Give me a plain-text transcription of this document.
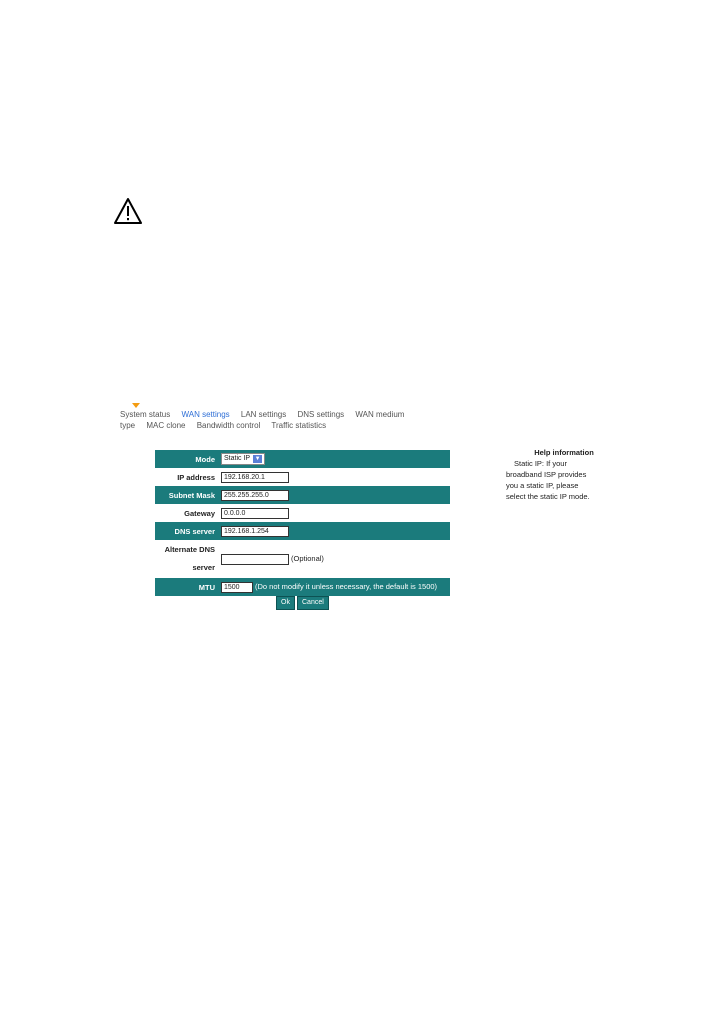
System status WAN settings LAN settings DNS settings WAN medium
type MAC clone Bandwidth control Traffic statistics
Mode	Static IP ▼
IP address	192.168.20.1
Subnet Mask	255.255.255.0
Gateway	0.0.0.0
DNS server	192.168.1.254
Alternate DNS
server	(Optional)
MTU	1500 (Do not modify it unless necessary, the default is 1500)
Ok	Cancel
Help information
Static IP: If your
broadband ISP provides
you a static IP, please
select the static IP mode.
